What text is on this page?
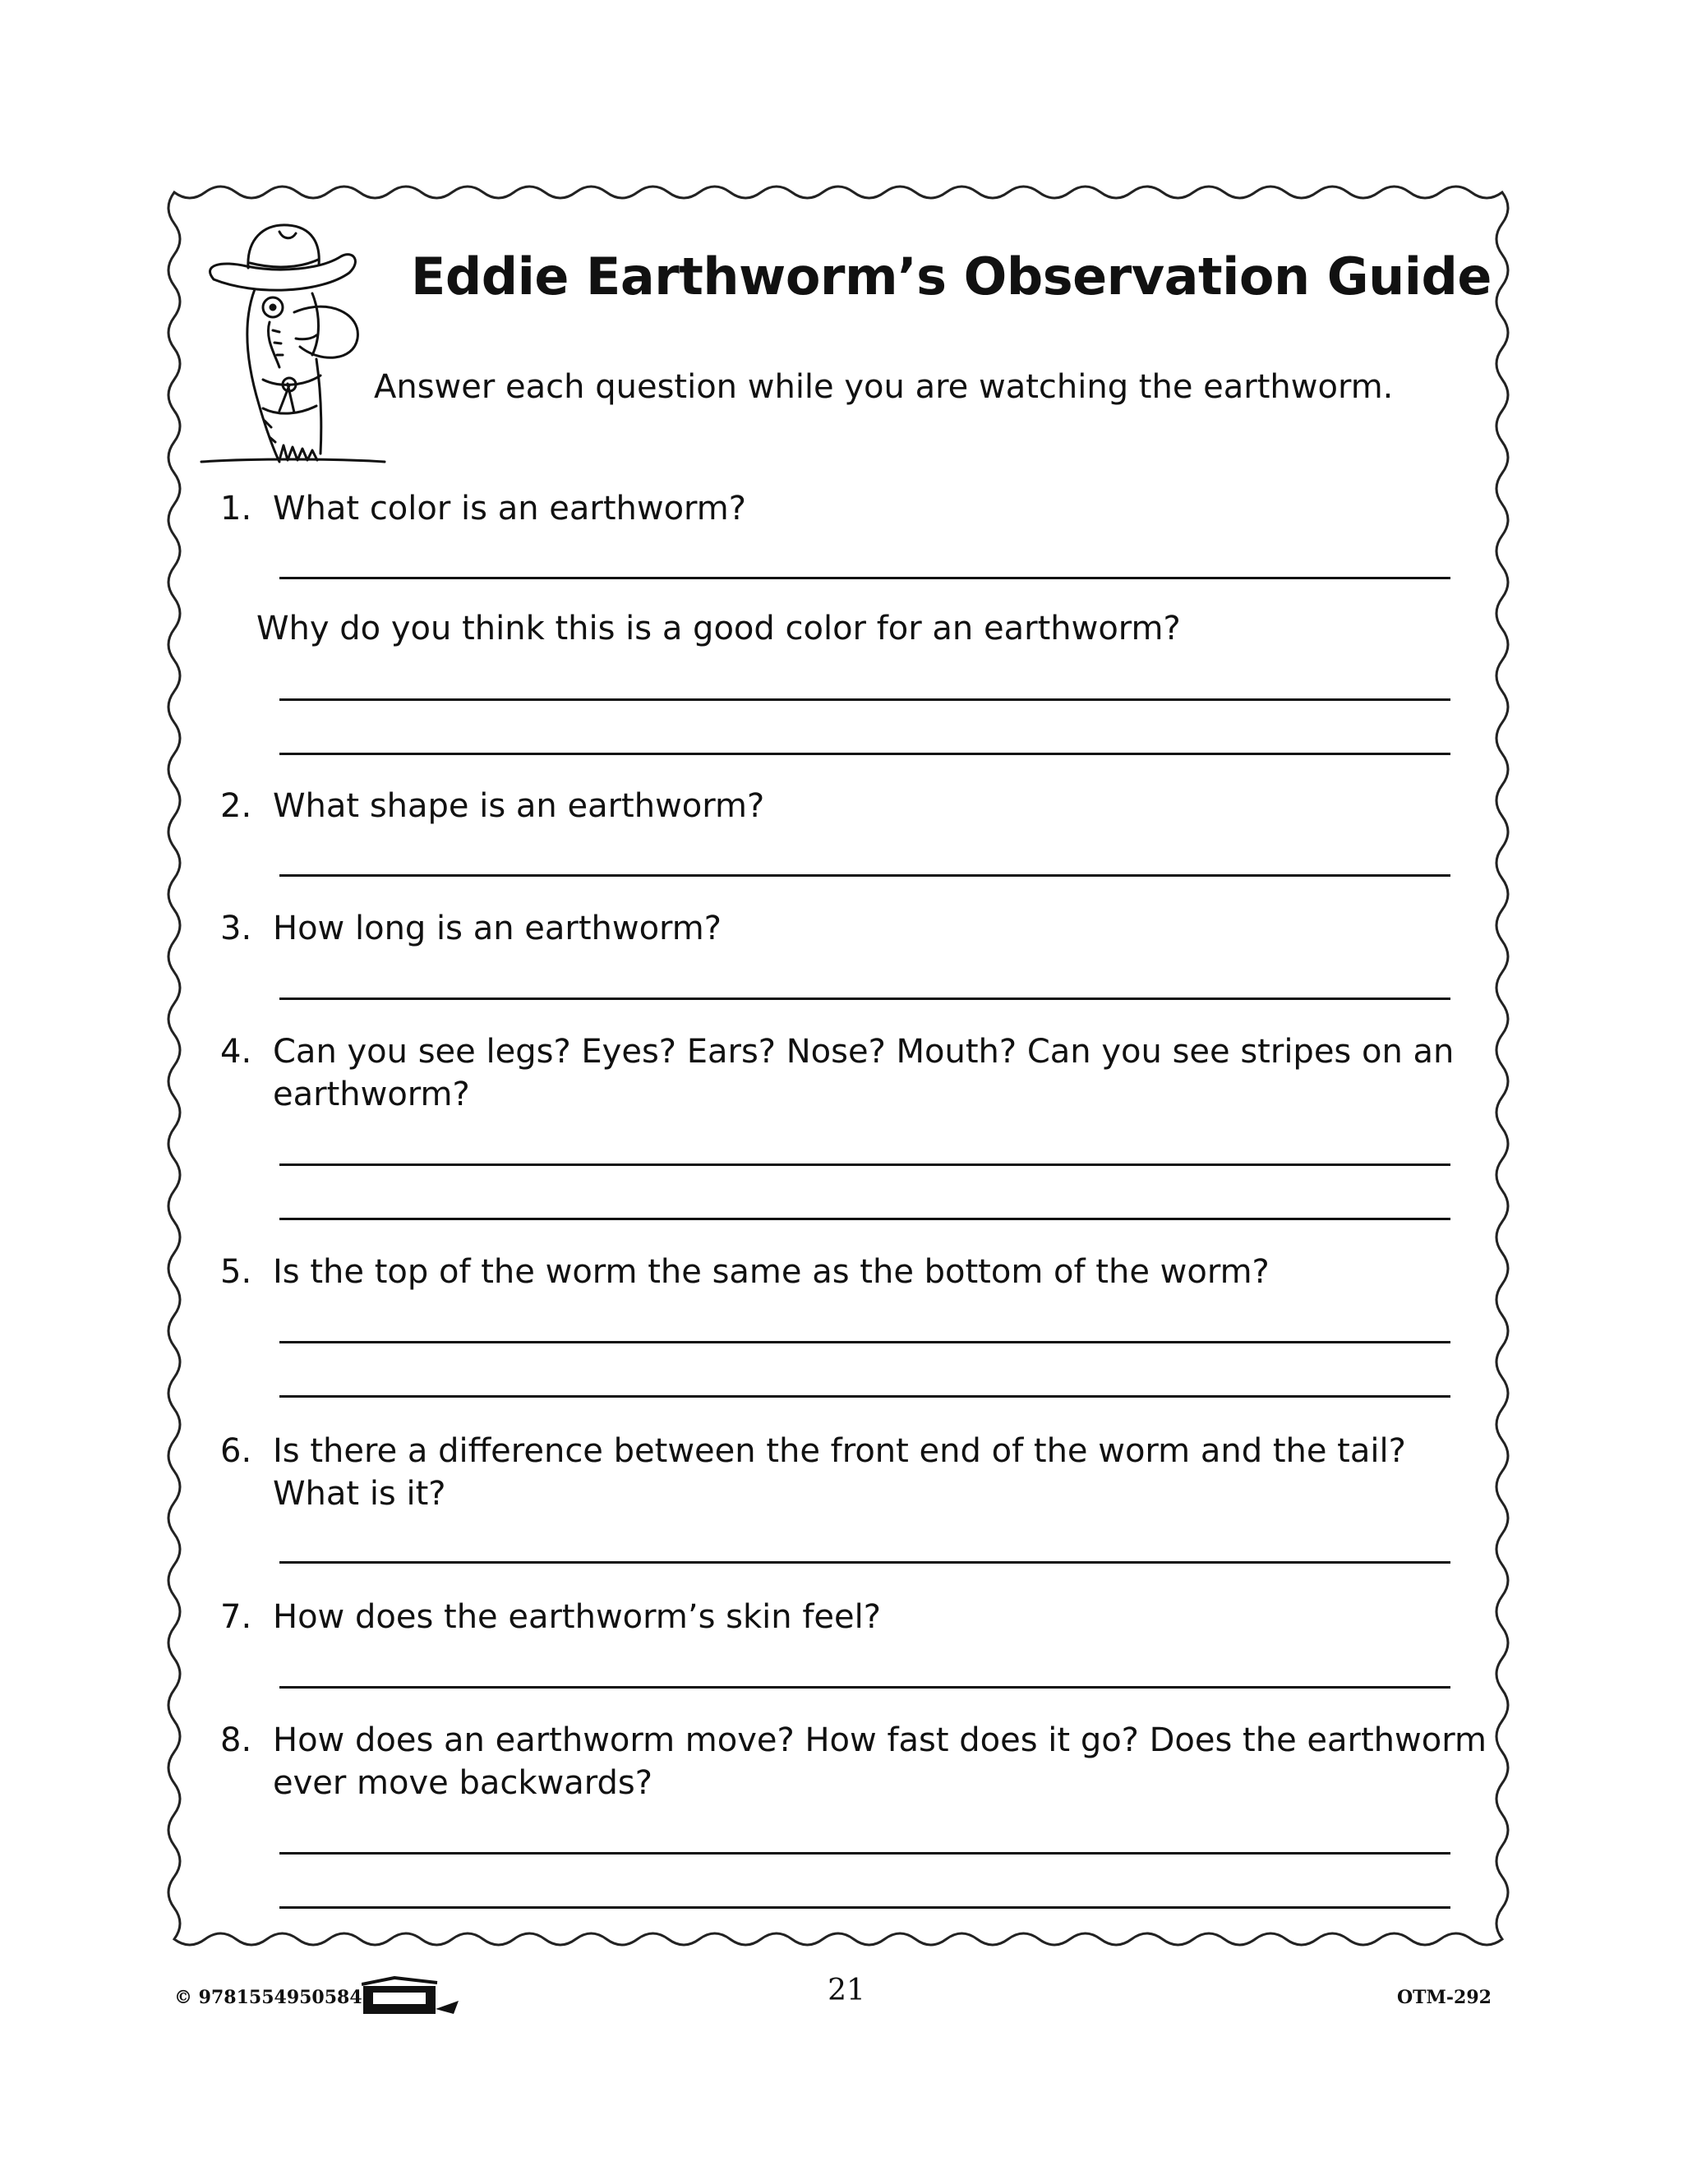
Eddie Earthworm’s Observation Guide
Answer each question while you are watching the earthworm.
1. What color is an earthworm?
Why do you think this is a good color for an earthworm?
2. What shape is an earthworm?
3. How long is an earthworm?
4. Can you see legs? Eyes? Ears? Nose? Mouth? Can you see stripes on an earthworm?
5. Is the top of the worm the same as the bottom of the worm?
6. Is there a difference between the front end of the worm and the tail? What is it?
7. How does the earthworm’s skin feel?
8. How does an earthworm move? How fast does it go? Does the earthworm ever move backwards?
© 9781554950584	21	OTM-292
